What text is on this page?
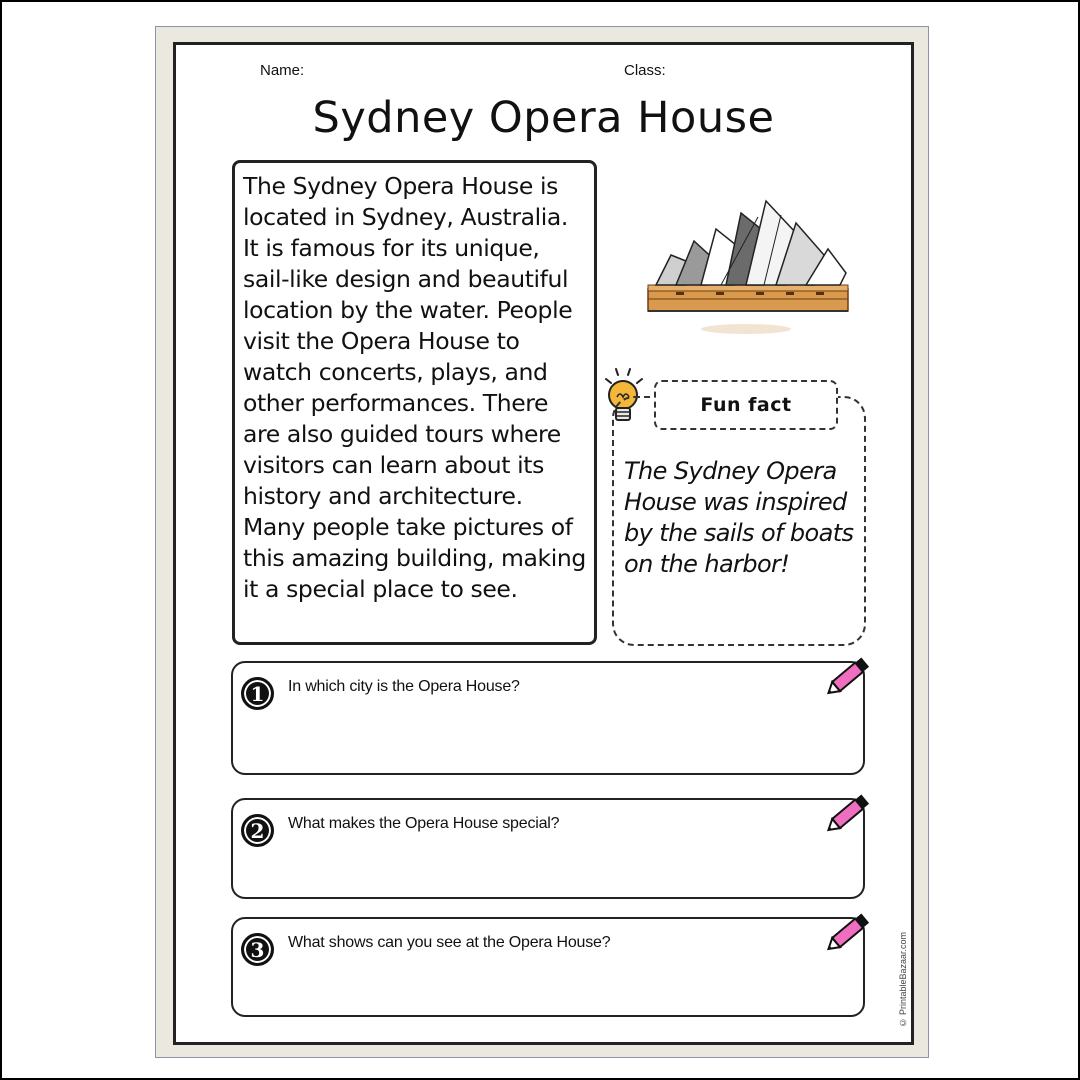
Name:	Class:
Sydney Opera House

The Sydney Opera House is located in Sydney, Australia. It is famous for its unique, sail-like design and beautiful location by the water. People visit the Opera House to watch concerts, plays, and other performances. There are also guided tours where visitors can learn about its history and architecture. Many people take pictures of this amazing building, making it a special place to see.

The Sydney Opera House was inspired by the sails of boats on the harbor!

Fun fact
1	In which city is the Opera House?
2	What makes the Opera House special?
3	What shows can you see at the Opera House?	© PrintableBazaar.com
